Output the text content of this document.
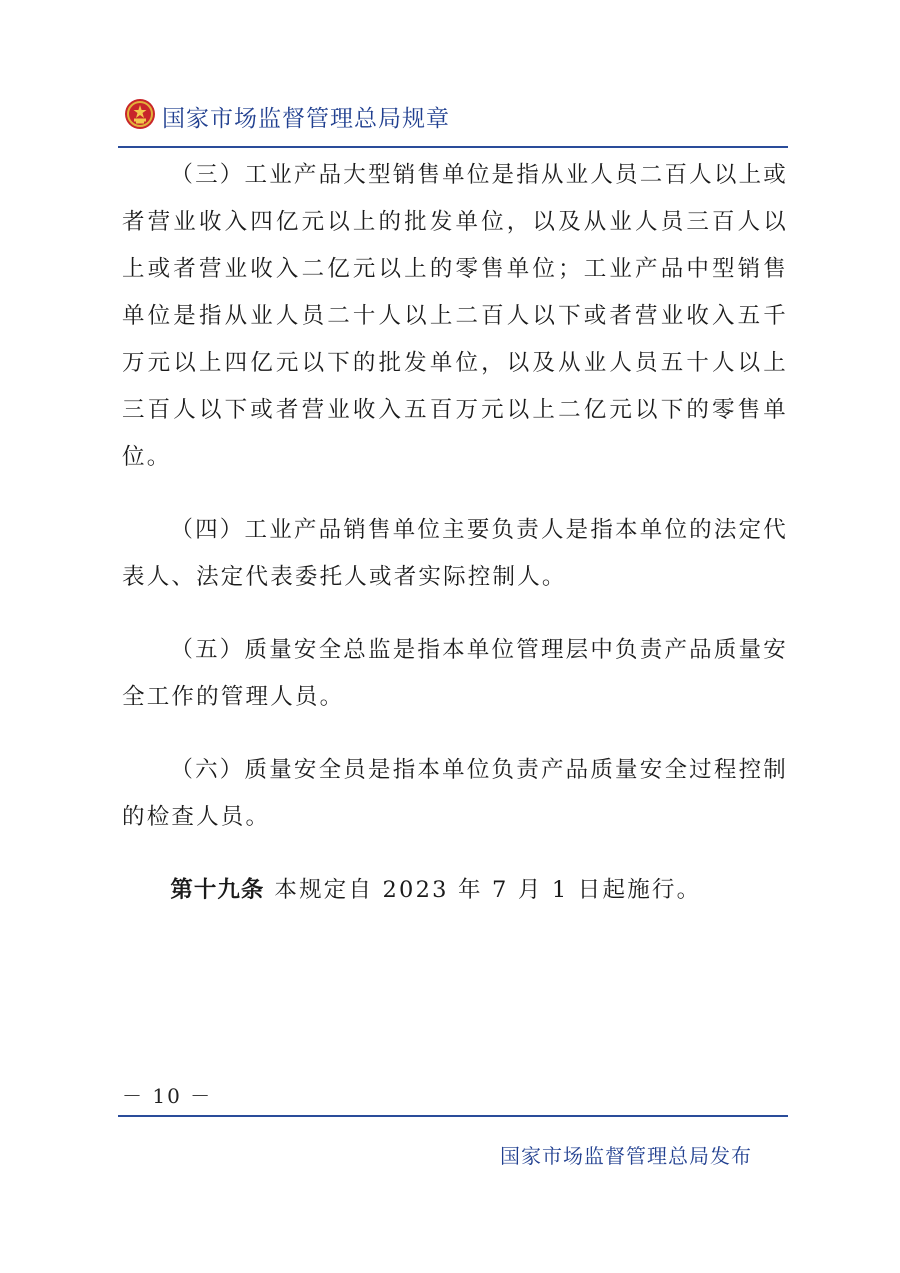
国家市场监督管理总局规章

（三）工业产品大型销售单位是指从业人员二百人以上或者营业收入四亿元以上的批发单位，以及从业人员三百人以上或者营业收入二亿元以上的零售单位；工业产品中型销售单位是指从业人员二十人以上二百人以下或者营业收入五千万元以上四亿元以下的批发单位，以及从业人员五十人以上三百人以下或者营业收入五百万元以上二亿元以下的零售单位。

（四）工业产品销售单位主要负责人是指本单位的法定代表人、法定代表委托人或者实际控制人。

（五）质量安全总监是指本单位管理层中负责产品质量安全工作的管理人员。

（六）质量安全员是指本单位负责产品质量安全过程控制的检查人员。

第十九条 本规定自 2023 年 7 月 1 日起施行。

－ 10 －
国家市场监督管理总局发布
